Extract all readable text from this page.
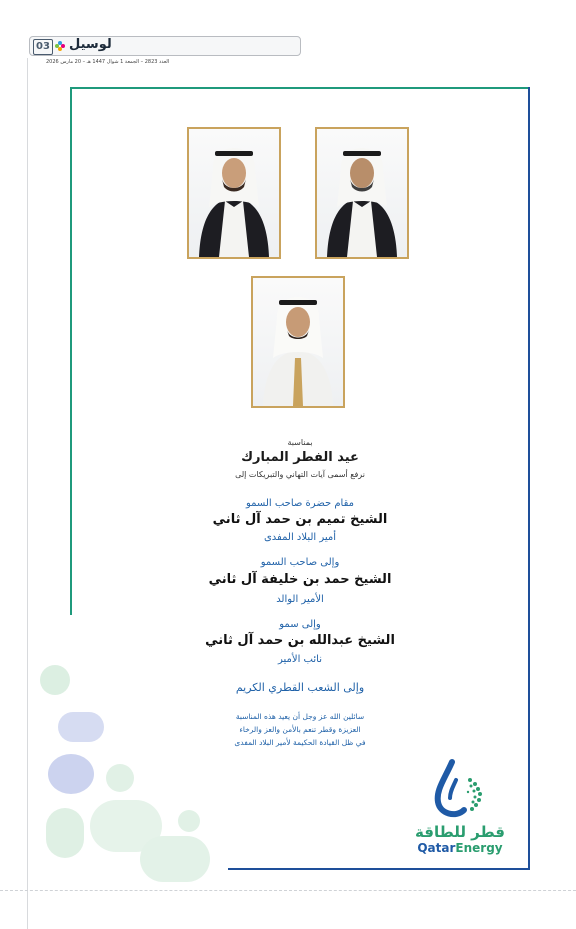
03 لوسيل
العدد 2823 – الجمعة 1 شوال 1447 هـ – 20 مارس 2026
بمناسبة
عيد الفطر المبارك
نرفع أسمى آيات التهاني والتبريكات إلى
مقام حضرة صاحب السمو
الشيخ تميم بن حمد آل ثاني
أمير البلاد المفدى
وإلى صاحب السمو
الشيخ حمد بن خليفة آل ثاني
الأمير الوالد
وإلى سمو
الشيخ عبدالله بن حمد آل ثاني
نائب الأمير
وإلى الشعب القطري الكريم
سائلين الله عز وجل أن يعيد هذه المناسبة
العزيزة وقطر تنعم بالأمن والعز والرخاء
في ظل القيادة الحكيمة لأمير البلاد المفدى
قطر للطاقة
QatarEnergy
